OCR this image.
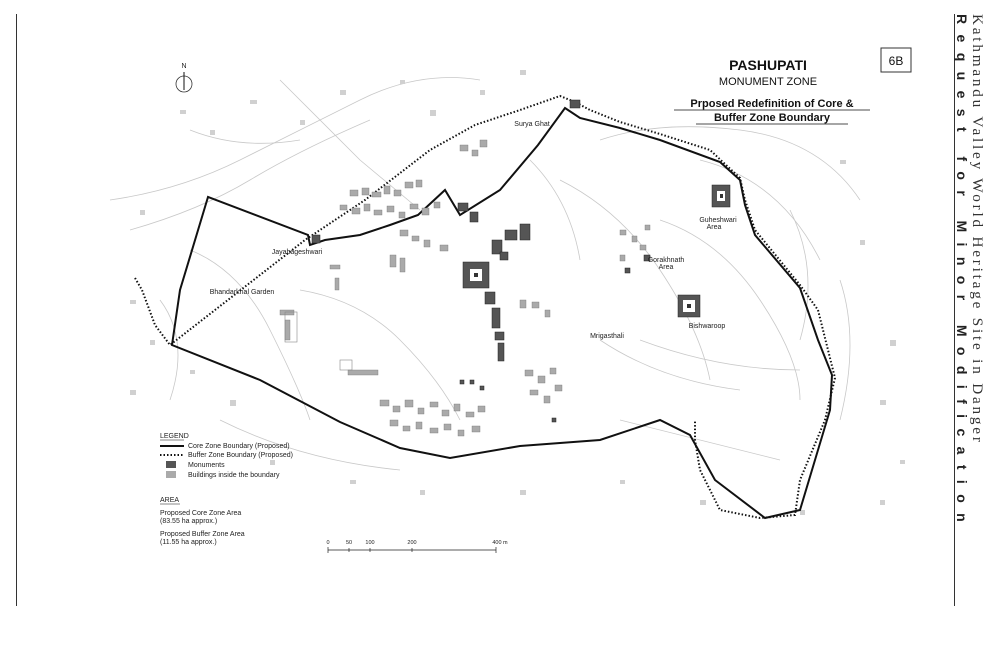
Kathmandu Valley World Heritage Site in Danger
Request for Minor Modification
6B
PASHUPATI
MONUMENT ZONE
Prposed Redefinition of Core &
Buffer Zone Boundary
N
Surya Ghat
Guheshwari
Area
Gorakhnath
Area
Bishwaroop
Mrigasthali
Jayabageshwari
Bhandarkhal Garden
LEGEND
Core Zone Boundary (Proposed)
Buffer Zone Boundary (Proposed)
Monuments
Buildings inside the boundary
AREA
Proposed Core Zone Area
(83.55 ha approx.)
Proposed Buffer Zone Area
(11.55 ha approx.)	0	50 100	200	400 m
